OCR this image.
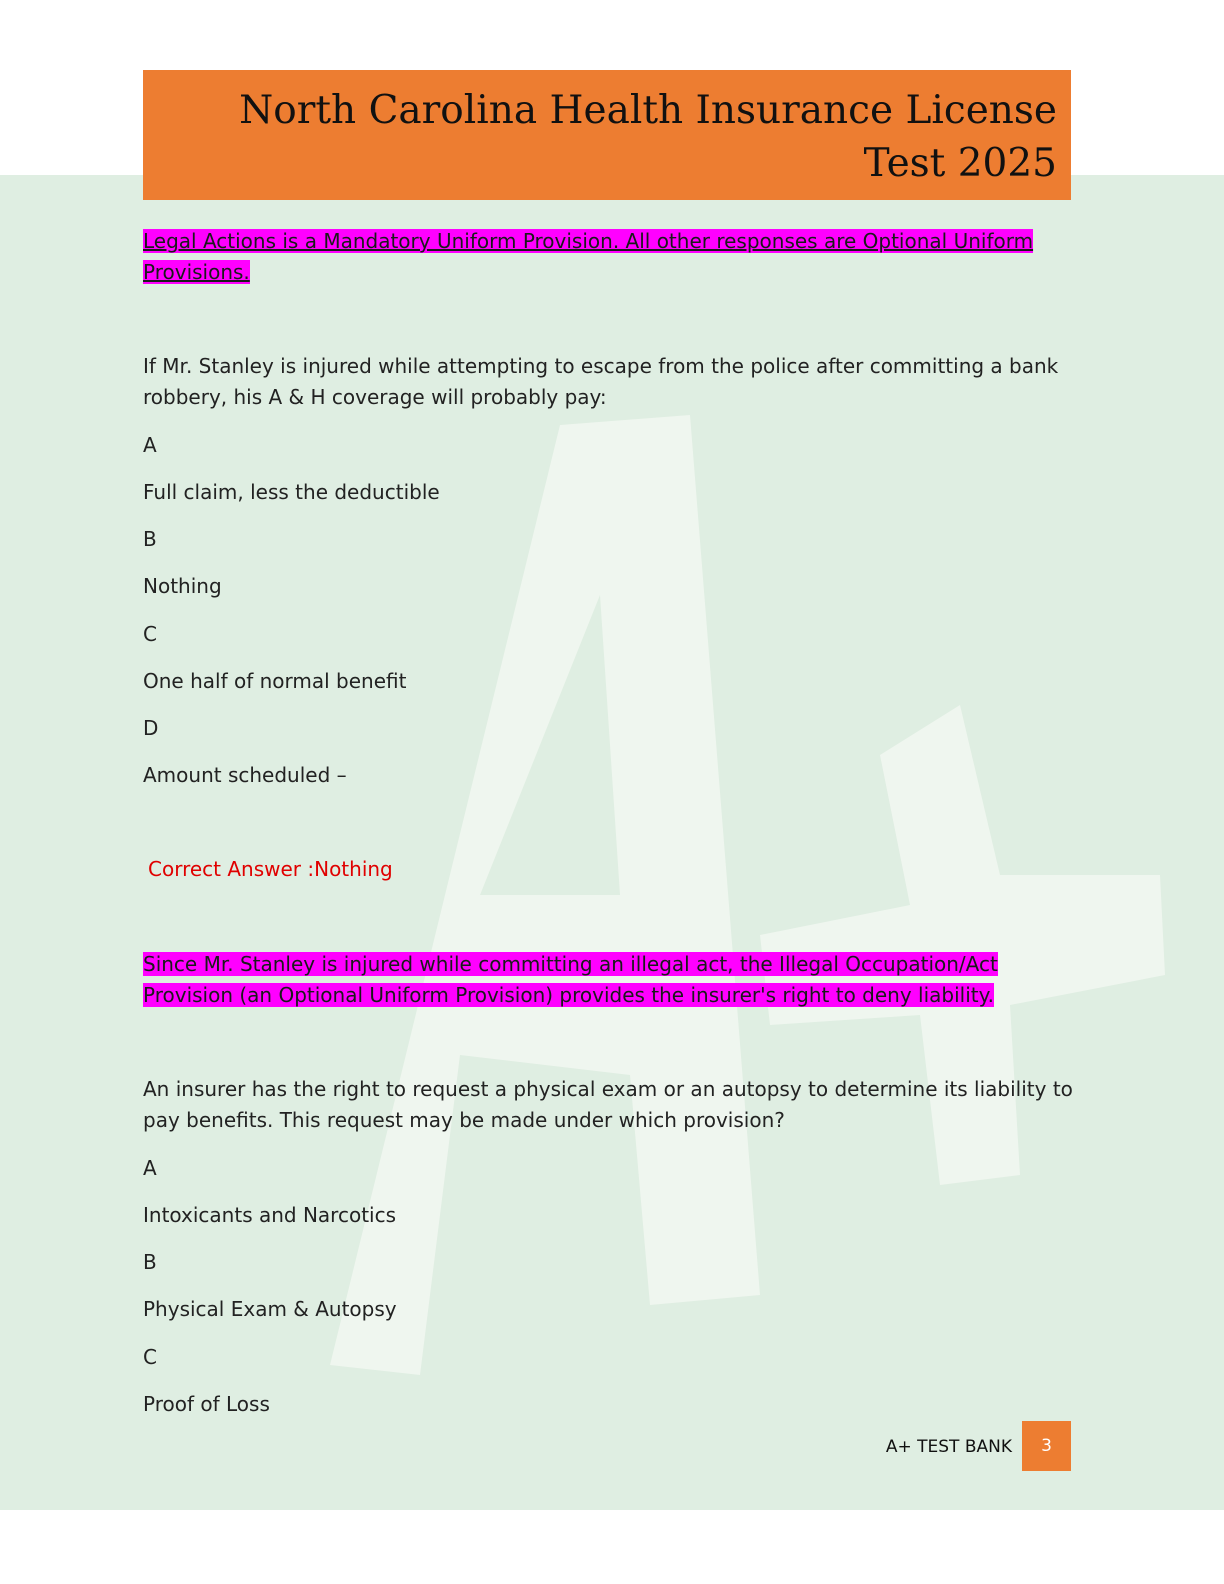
North Carolina Health Insurance License

Test 2025

Legal Actions is a Mandatory Uniform Provision. All other responses are Optional Uniform Provisions.
If Mr. Stanley is injured while attempting to escape from the police after committing a bank robbery, his A & H coverage will probably pay:
A
Full claim, less the deductible
B
Nothing
C
One half of normal benefit
D
Amount scheduled –
Correct Answer :Nothing
Since Mr. Stanley is injured while committing an illegal act, the Illegal Occupation/Act Provision (an Optional Uniform Provision) provides the insurer's right to deny liability.
An insurer has the right to request a physical exam or an autopsy to determine its liability to pay benefits. This request may be made under which provision?
A
Intoxicants and Narcotics
B
Physical Exam & Autopsy
C
Proof of Loss
A+ TEST BANK	3
